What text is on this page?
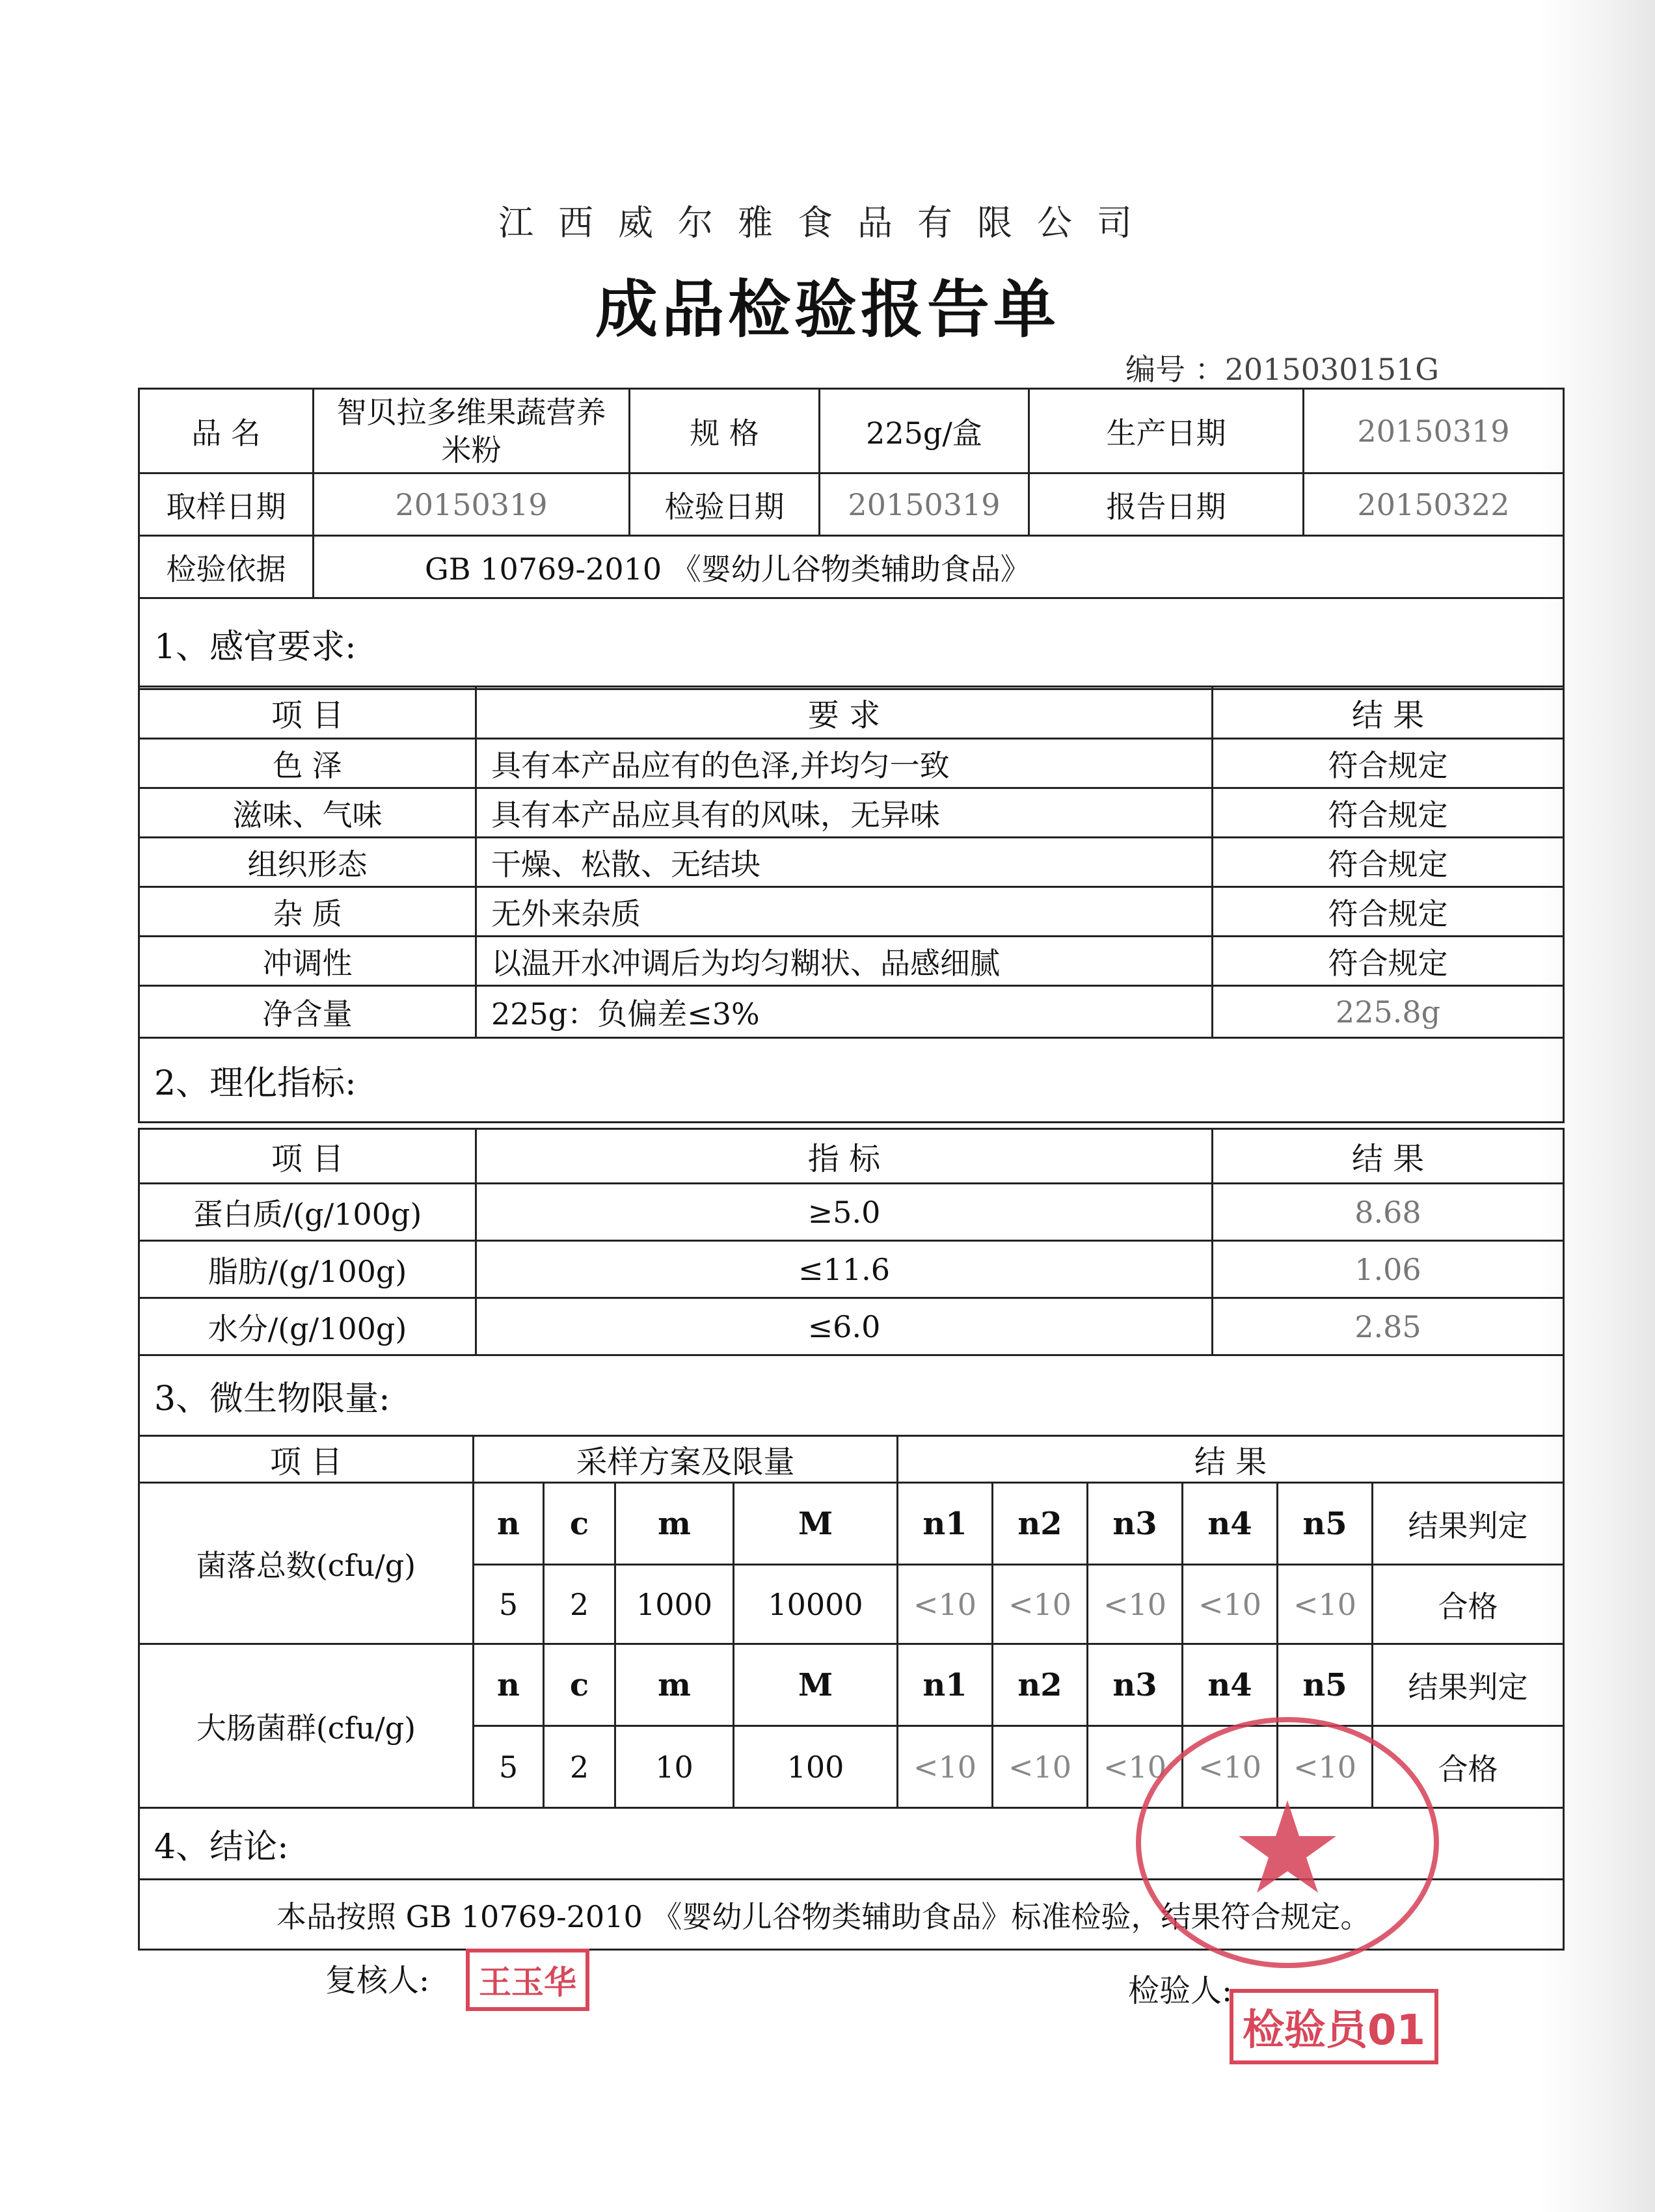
江西威尔雅食品有限公司
成品检验报告单
编号 ：2015030151G
品 名	智贝拉多维果蔬营养米粉	规 格	225g/盒	生产日期	20150319
取样日期	20150319	检验日期	20150319	报告日期	20150322
检验依据	GB 10769-2010 《婴幼儿谷物类辅助食品》				
1、感官要求:					
项 目	要 求	结 果
色 泽	具有本产品应有的色泽,并均匀一致	符合规定
滋味、气味	具有本产品应具有的风味，无异味	符合规定
组织形态	干燥、松散、无结块	符合规定
杂 质	无外来杂质	符合规定
冲调性	以温开水冲调后为均匀糊状、品感细腻	符合规定
净含量	225g：负偏差≤3%	225.8g
2、理化指标:		
项 目	指 标	结 果
蛋白质/(g/100g)	≥5.0	8.68
脂肪/(g/100g)	≤11.6	1.06
水分/(g/100g)	≤6.0	2.85
3、微生物限量:		
项 目	采样方案及限量				结 果					
菌落总数(cfu/g)	n	c	m	M	n1	n2	n3	n4	n5	结果判定
	5	2	1000	10000	<10	<10	<10	<10	<10	合格
大肠菌群(cfu/g)	n	c	m	M	n1	n2	n3	n4	n5	结果判定
	5	2	10	100	<10	<10	<10	<10	<10	合格
4、结论:										
本品按照 GB 10769-2010 《婴幼儿谷物类辅助食品》标准检验，结果符合规定。										
复核人:	王玉华	检验人:
检验员01
